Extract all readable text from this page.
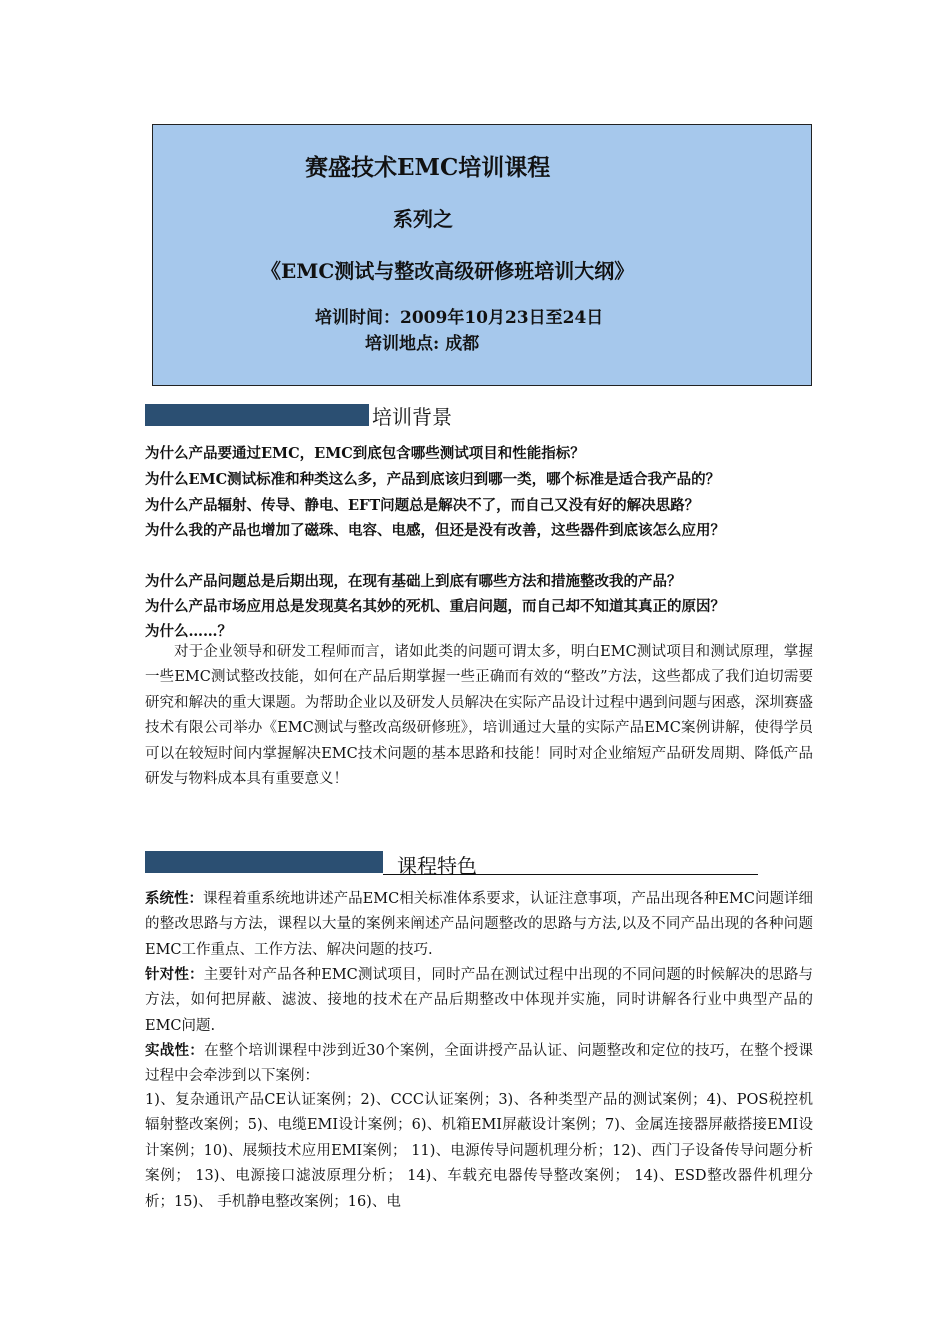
赛盛技术EMC培训课程
系列之
《EMC测试与整改高级研修班培训大纲》
培训时间：2009年10月23日至24日
培训地点: 成都
培训背景
为什么产品要通过EMC，EMC到底包含哪些测试项目和性能指标？
为什么EMC测试标准和种类这么多，产品到底该归到哪一类，哪个标准是适合我产品的？
为什么产品辐射、传导、静电、EFT问题总是解决不了，而自己又没有好的解决思路？
为什么我的产品也增加了磁珠、电容、电感，但还是没有改善，这些器件到底该怎么应用？
为什么产品问题总是后期出现，在现有基础上到底有哪些方法和措施整改我的产品？
为什么产品市场应用总是发现莫名其妙的死机、重启问题，而自己却不知道其真正的原因？
为什么……？

对于企业领导和研发工程师而言，诸如此类的问题可谓太多，明白EMC测试项目和测试原理，掌握一些EMC测试整改技能，如何在产品后期掌握一些正确而有效的“整改”方法，这些都成了我们迫切需要研究和解决的重大课题。为帮助企业以及研发人员解决在实际产品设计过程中遇到问题与困惑，深圳赛盛技术有限公司举办《EMC测试与整改高级研修班》，培训通过大量的实际产品EMC案例讲解，使得学员可以在较短时间内掌握解决EMC技术问题的基本思路和技能！同时对企业缩短产品研发周期、降低产品研发与物料成本具有重要意义！

课程特色

系统性：课程着重系统地讲述产品EMC相关标准体系要求，认证注意事项，产品出现各种EMC问题详细的整改思路与方法，课程以大量的案例来阐述产品问题整改的思路与方法,以及不同产品出现的各种问题EMC工作重点、工作方法、解决问题的技巧.

针对性：主要针对产品各种EMC测试项目，同时产品在测试过程中出现的不同问题的时候解决的思路与方法，如何把屏蔽、滤波、接地的技术在产品后期整改中体现并实施，同时讲解各行业中典型产品的EMC问题.

实战性：在整个培训课程中涉到近30个案例，全面讲授产品认证、问题整改和定位的技巧，在整个授课过程中会牵涉到以下案例：

1)、复杂通讯产品CE认证案例；2)、CCC认证案例；3)、各种类型产品的测试案例；4)、POS税控机辐射整改案例；5)、电缆EMI设计案例；6)、机箱EMI屏蔽设计案例；7)、金属连接器屏蔽搭接EMI设计案例；10)、展频技术应用EMI案例； 11)、电源传导问题机理分析；12)、西门子设备传导问题分析案例； 13)、电源接口滤波原理分析； 14)、车载充电器传导整改案例； 14)、ESD整改器件机理分析；15)、 手机静电整改案例；16)、电
